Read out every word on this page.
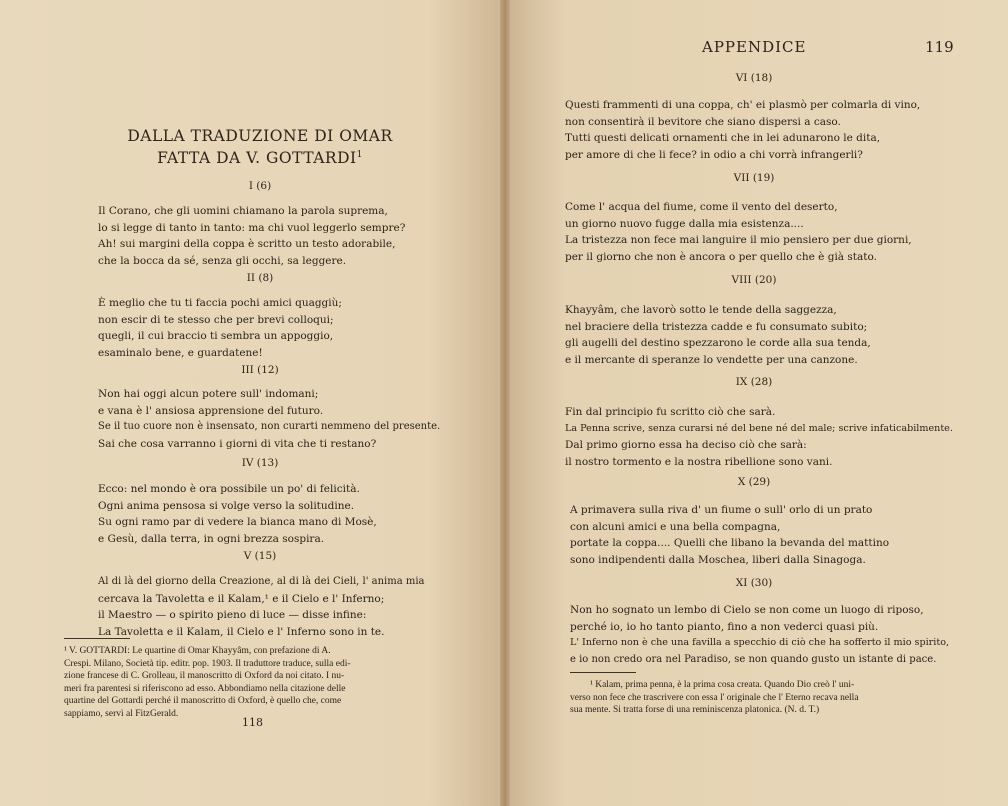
DALLA TRADUZIONE DI OMAR
FATTA DA V. GOTTARDI$^1$
I (6)
Il Corano, che gli uomini chiamano la parola suprema,
lo si legge di tanto in tanto: ma chi vuol leggerlo sempre?
Ah! sui margini della coppa è scritto un testo adorabile,
che la bocca da sé, senza gli occhi, sa leggere.
II (8)
È meglio che tu ti faccia pochi amici quaggiù;
non escir di te stesso che per brevi colloqui;
quegli, il cui braccio ti sembra un appoggio,
esaminalo bene, e guardatene!
III (12)
Non hai oggi alcun potere sull' indomani;
e vana è l' ansiosa apprensione del futuro.
Se il tuo cuore non è insensato, non curarti nemmeno del presente.
Sai che cosa varranno i giorni di vita che ti restano?
IV (13)
Ecco: nel mondo è ora possibile un po' di felicità.
Ogni anima pensosa si volge verso la solitudine.
Su ogni ramo par di vedere la bianca mano di Mosè,
e Gesù, dalla terra, in ogni brezza sospira.
V (15)
Al di là del giorno della Creazione, al di là dei Cieli, l' anima mia
cercava la Tavoletta e il Kalam,¹ e il Cielo e l' Inferno;
il Maestro — o spirito pieno di luce — disse infine:
La Tavoletta e il Kalam, il Cielo e l' Inferno sono in te.
¹ V. GOTTARDI: Le quartine di Omar Khayyâm, con prefazione di A.
Crespi. Milano, Società tip. editr. pop. 1903. Il traduttore traduce, sulla edi-
zione francese di C. Grolleau, il manoscritto di Oxford da noi citato. I nu-
meri fra parentesi si riferiscono ad esso. Abbondiamo nella citazione delle
quartine del Gottardi perché il manoscritto di Oxford, è quello che, come
sappiamo, servì al FitzGerald.
118
APPENDICE	119
VI (18)
Questi frammenti di una coppa, ch' ei plasmò per colmarla di vino,
non consentirà il bevitore che siano dispersi a caso.
Tutti questi delicati ornamenti che in lei adunarono le dita,
per amore di che li fece? in odio a chi vorrà infrangerli?
VII (19)
Come l' acqua del fiume, come il vento del deserto,
un giorno nuovo fugge dalla mia esistenza....
La tristezza non fece mai languire il mio pensiero per due giorni,
per il giorno che non è ancora o per quello che è già stato.
VIII (20)
Khayyâm, che lavorò sotto le tende della saggezza,
nel braciere della tristezza cadde e fu consumato subito;
gli augelli del destino spezzarono le corde alla sua tenda,
e il mercante di speranze lo vendette per una canzone.
IX (28)
Fin dal principio fu scritto ciò che sarà.
La Penna scrive, senza curarsi né del bene né del male; scrive infaticabilmente.
Dal primo giorno essa ha deciso ciò che sarà:
il nostro tormento e la nostra ribellione sono vani.
X (29)
A primavera sulla riva d' un fiume o sull' orlo di un prato
con alcuni amici e una bella compagna,
portate la coppa.... Quelli che libano la bevanda del mattino
sono indipendenti dalla Moschea, liberi dalla Sinagoga.
XI (30)
Non ho sognato un lembo di Cielo se non come un luogo di riposo,
perché io, io ho tanto pianto, fino a non vederci quasi più.
L' Inferno non è che una favilla a specchio di ciò che ha sofferto il mio spirito,
e io non credo ora nel Paradiso, se non quando gusto un istante di pace.
¹ Kalam, prima penna, è la prima cosa creata. Quando Dio creò l' uni-
verso non fece che trascrivere con essa l' originale che l' Eterno recava nella
sua mente. Si tratta forse di una reminiscenza platonica. (N. d. T.)
